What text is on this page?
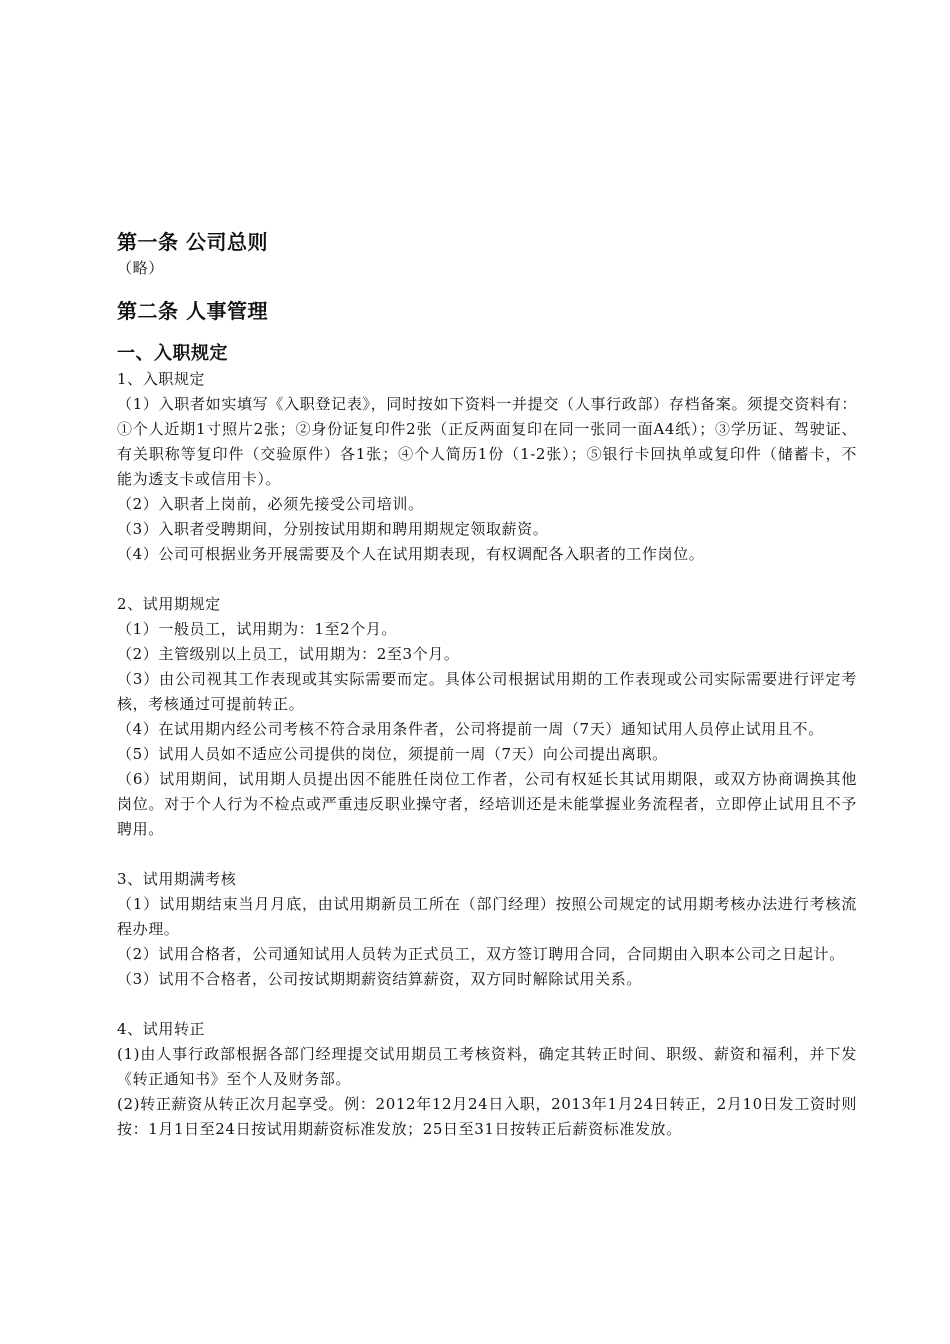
第一条 公司总则

（略）

第二条 人事管理
一、入职规定

1、入职规定

（1）入职者如实填写《入职登记表》，同时按如下资料一并提交（人事行政部）存档备案。须提交资料有：①个人近期1寸照片2张；②身份证复印件2张（正反两面复印在同一张同一面A4纸）；③学历证、驾驶证、有关职称等复印件（交验原件）各1张；④个人简历1份（1-2张）；⑤银行卡回执单或复印件（储蓄卡，不能为透支卡或信用卡）。

（2）入职者上岗前，必须先接受公司培训。

（3）入职者受聘期间，分别按试用期和聘用期规定领取薪资。

（4）公司可根据业务开展需要及个人在试用期表现，有权调配各入职者的工作岗位。

2、试用期规定

（1）一般员工，试用期为：1至2个月。

（2）主管级别以上员工，试用期为：2至3个月。

（3）由公司视其工作表现或其实际需要而定。具体公司根据试用期的工作表现或公司实际需要进行评定考核，考核通过可提前转正。

（4）在试用期内经公司考核不符合录用条件者，公司将提前一周（7天）通知试用人员停止试用且不。

（5）试用人员如不适应公司提供的岗位，须提前一周（7天）向公司提出离职。

（6）试用期间，试用期人员提出因不能胜任岗位工作者，公司有权延长其试用期限，或双方协商调换其他岗位。对于个人行为不检点或严重违反职业操守者，经培训还是未能掌握业务流程者，立即停止试用且不予聘用。

3、试用期满考核

（1）试用期结束当月月底，由试用期新员工所在（部门经理）按照公司规定的试用期考核办法进行考核流程办理。

（2）试用合格者，公司通知试用人员转为正式员工，双方签订聘用合同，合同期由入职本公司之日起计。

（3）试用不合格者，公司按试期期薪资结算薪资，双方同时解除试用关系。

4、试用转正

(1)由人事行政部根据各部门经理提交试用期员工考核资料，确定其转正时间、职级、薪资和福利，并下发《转正通知书》至个人及财务部。

(2)转正薪资从转正次月起享受。例：2012年12月24日入职，2013年1月24日转正，2月10日发工资时则按：1月1日至24日按试用期薪资标准发放；25日至31日按转正后薪资标准发放。
